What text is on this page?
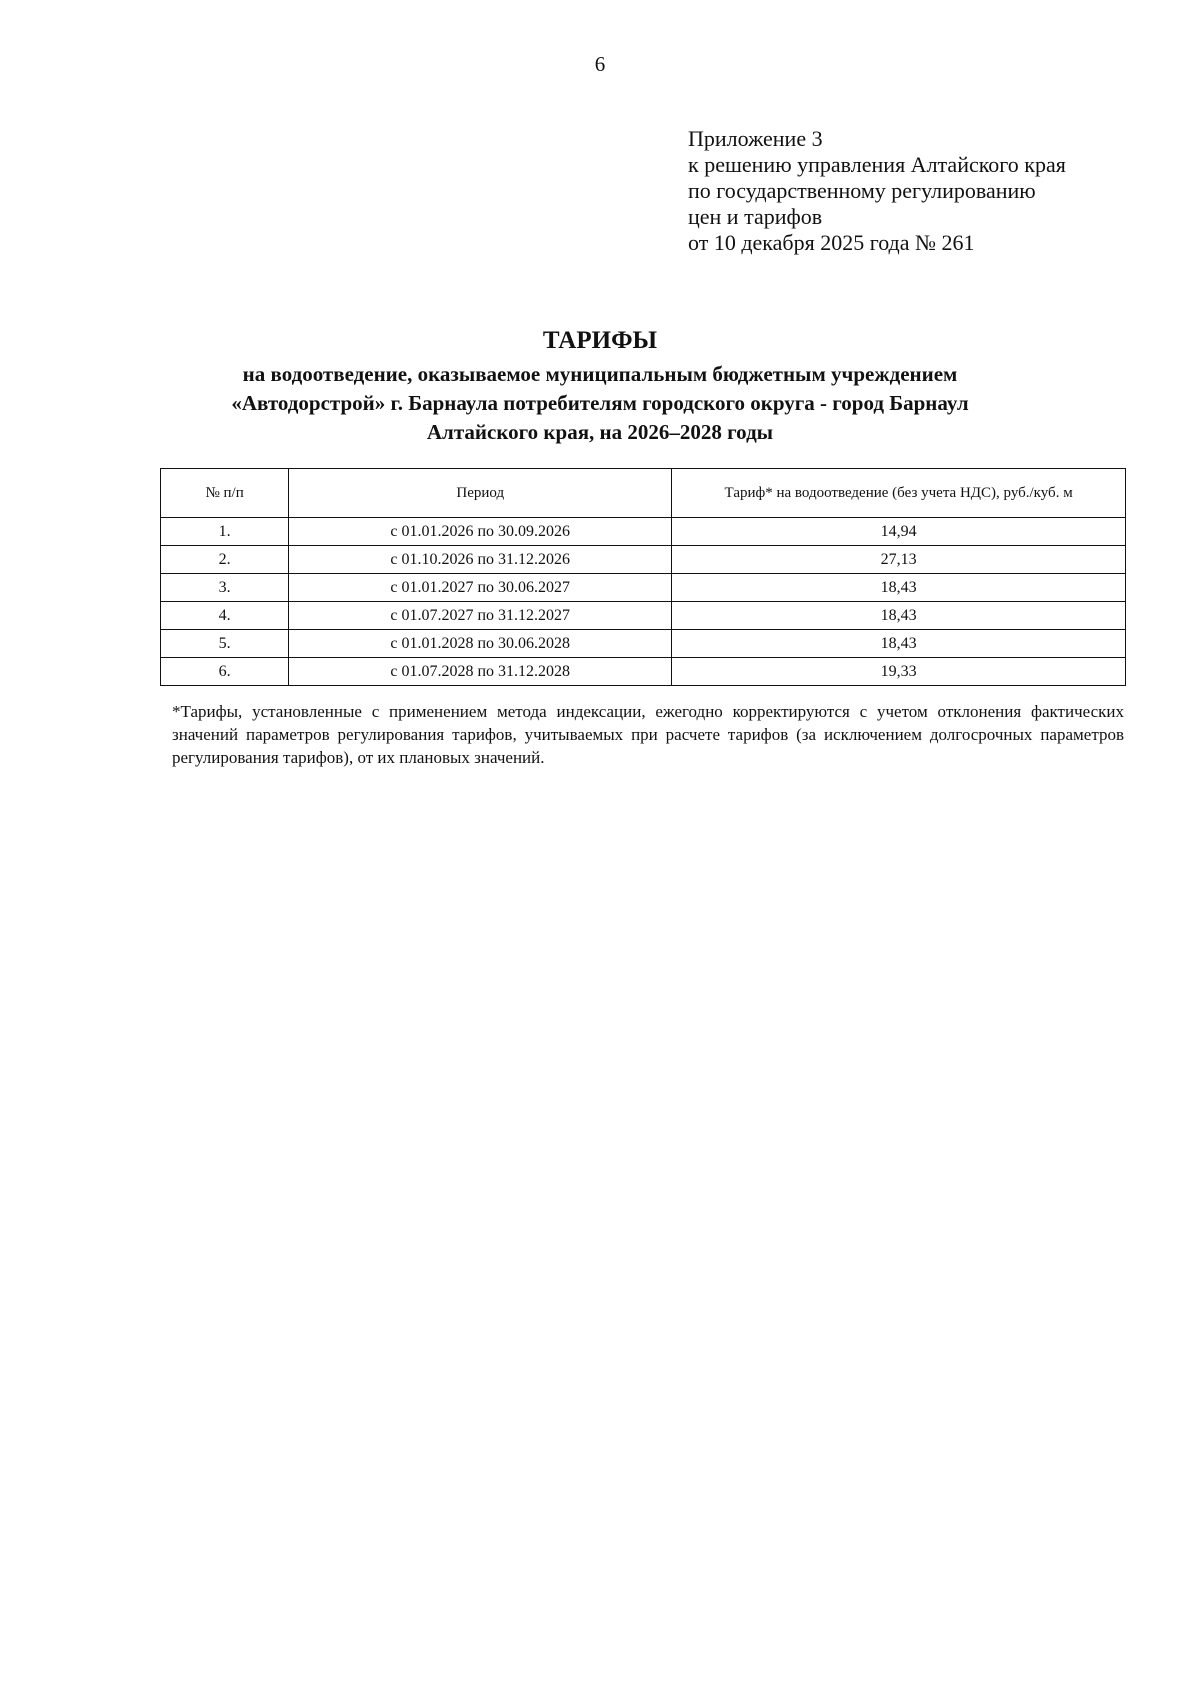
6
Приложение 3
к решению управления Алтайского края
по государственному регулированию
цен и тарифов
от 10 декабря 2025 года № 261
ТАРИФЫ
на водоотведение, оказываемое муниципальным бюджетным учреждением
«Автодорстрой» г. Барнаула потребителям городского округа - город Барнаул
Алтайского края, на 2026–2028 годы
№ п/п	Период	Тариф* на водоотведение (без учета НДС), руб./куб. м
1.	с 01.01.2026 по 30.09.2026	14,94
2.	с 01.10.2026 по 31.12.2026	27,13
3.	с 01.01.2027 по 30.06.2027	18,43
4.	с 01.07.2027 по 31.12.2027	18,43
5.	с 01.01.2028 по 30.06.2028	18,43
6.	с 01.07.2028 по 31.12.2028	19,33
*Тарифы, установленные с применением метода индексации, ежегодно корректируются с учетом отклонения фактических значений параметров регулирования тарифов, учитываемых при расчете тарифов (за исключением долгосрочных параметров регулирования тарифов), от их плановых значений.
